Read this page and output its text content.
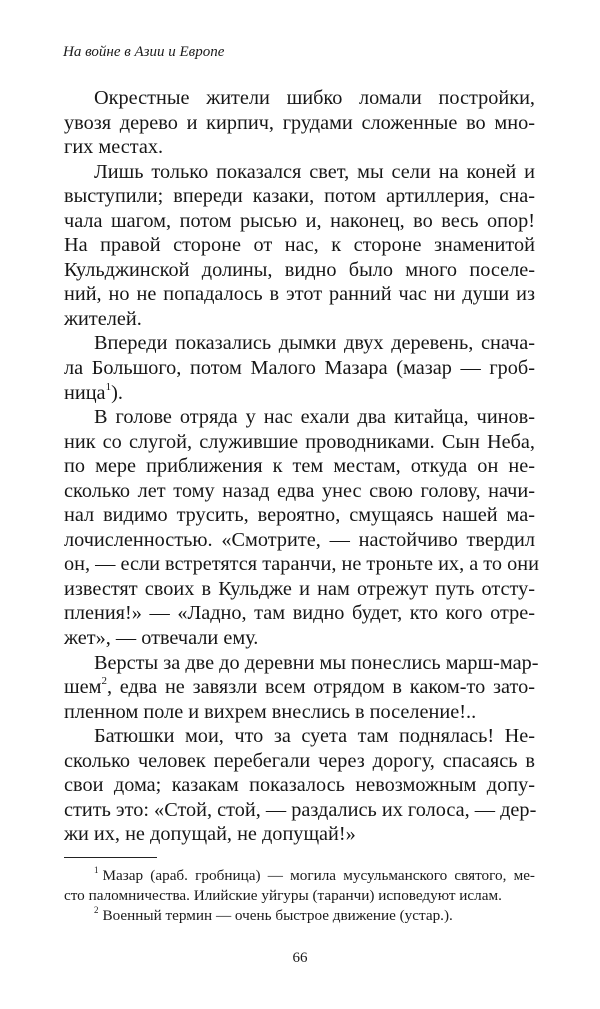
На войне в Азии и Европе
Окрестные жители шибко ломали постройки,
увозя дерево и кирпич, грудами сложенные во мно-
гих местах.
Лишь только показался свет, мы сели на коней и
выступили; впереди казаки, потом артиллерия, сна-
чала шагом, потом рысью и, наконец, во весь опор!
На правой стороне от нас, к стороне знаменитой
Кульджинской долины, видно было много поселе-
ний, но не попадалось в этот ранний час ни души из
жителей.
Впереди показались дымки двух деревень, снача-
ла Большого, потом Малого Мазара (мазар — гроб-
ница$^1$).
В голове отряда у нас ехали два китайца, чинов-
ник со слугой, служившие проводниками. Сын Неба,
по мере приближения к тем местам, откуда он не-
сколько лет тому назад едва унес свою голову, начи-
нал видимо трусить, вероятно, смущаясь нашей ма-
лочисленностью. «Смотрите, — настойчиво твердил
он, — если встретятся таранчи, не троньте их, а то они
известят своих в Кульдже и нам отрежут путь отсту-
пления!» — «Ладно, там видно будет, кто кого отре-
жет», — отвечали ему.
Версты за две до деревни мы понеслись марш-мар-
шем$^2$, едва не завязли всем отрядом в каком-то зато-
пленном поле и вихрем внеслись в поселение!..
Батюшки мои, что за суета там поднялась! Не-
сколько человек перебегали через дорогу, спасаясь в
свои дома; казакам показалось невозможным допу-
стить это: «Стой, стой, — раздались их голоса, — дер-
жи их, не допущай, не допущай!»
$^1$ Мазар (араб. гробница) — могила мусульманского святого, ме-
сто паломничества. Илийские уйгуры (таранчи) исповедуют ислам.
$^2$ Военный термин — очень быстрое движение (устар.).
66
